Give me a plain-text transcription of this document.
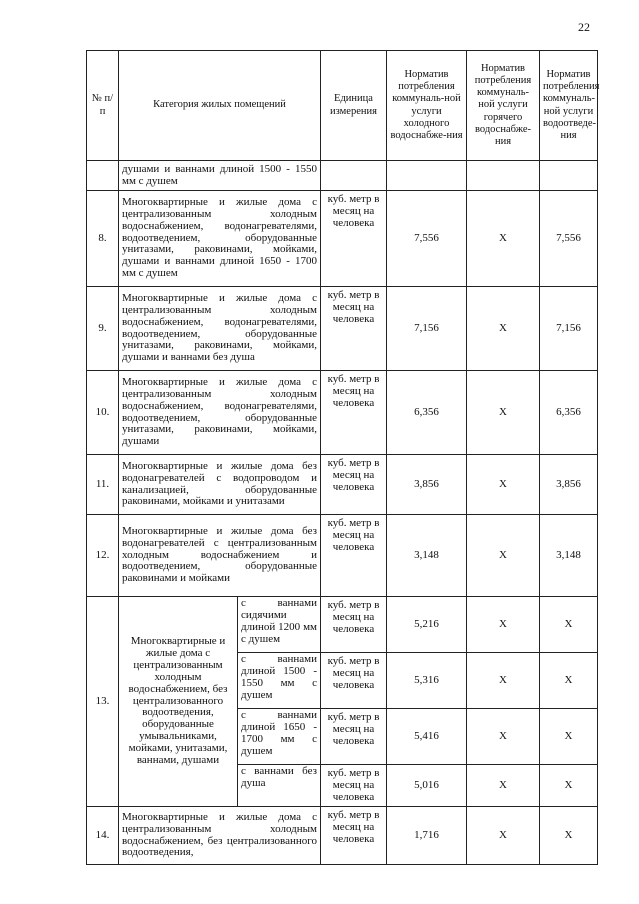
22
№ п/п	Категория жилых помещений		Единица измерения	Норматив потребления коммуналь-ной услуги холодного водоснабже-ния	Норматив потребления коммуналь-ной услуги горячего водоснабже-ния	Норматив потребления коммуналь-ной услуги водоотведе-ния
	душами и ваннами длиной 1500 - 1550 мм с душем					
8.	Многоквартирные и жилые дома с централизованным холодным водоснабжением, водонагревателями, водоотведением, оборудованные унитазами, раковинами, мойками, душами и ваннами длиной 1650 - 1700 мм с душем		куб. метр в месяц на человека	7,556	X	7,556
9.	Многоквартирные и жилые дома с централизованным холодным водоснабжением, водонагревателями, водоотведением, оборудованные унитазами, раковинами, мойками, душами и ваннами без душа		куб. метр в месяц на человека	7,156	X	7,156
10.	Многоквартирные и жилые дома с централизованным холодным водоснабжением, водонагревателями, водоотведением, оборудованные унитазами, раковинами, мойками, душами		куб. метр в месяц на человека	6,356	X	6,356
11.	Многоквартирные и жилые дома без водонагревателей с водопроводом и канализацией, оборудованные раковинами, мойками и унитазами		куб. метр в месяц на человека	3,856	X	3,856
12.	Многоквартирные и жилые дома без водонагревателей с централизованным холодным водоснабжением и водоотведением, оборудованные раковинами и мойками		куб. метр в месяц на человека	3,148	X	3,148
13.	Многоквартирные и жилые дома с централизованным холодным водоснабжением, без централизованного водоотведения, оборудованные умывальниками, мойками, унитазами, ваннами, душами	с ваннами сидячими длиной 1200 мм с душем	куб. метр в месяц на человека	5,216	X	X
		с ваннами длиной 1500 - 1550 мм с душем	куб. метр в месяц на человека	5,316	X	X
		с ваннами длиной 1650 - 1700 мм с душем	куб. метр в месяц на человека	5,416	X	X
		с ваннами без душа	куб. метр в месяц на человека	5,016	X	X
14.	Многоквартирные и жилые дома с централизованным холодным водоснабжением, без централизованного водоотведения,		куб. метр в месяц на человека	1,716	X	X
